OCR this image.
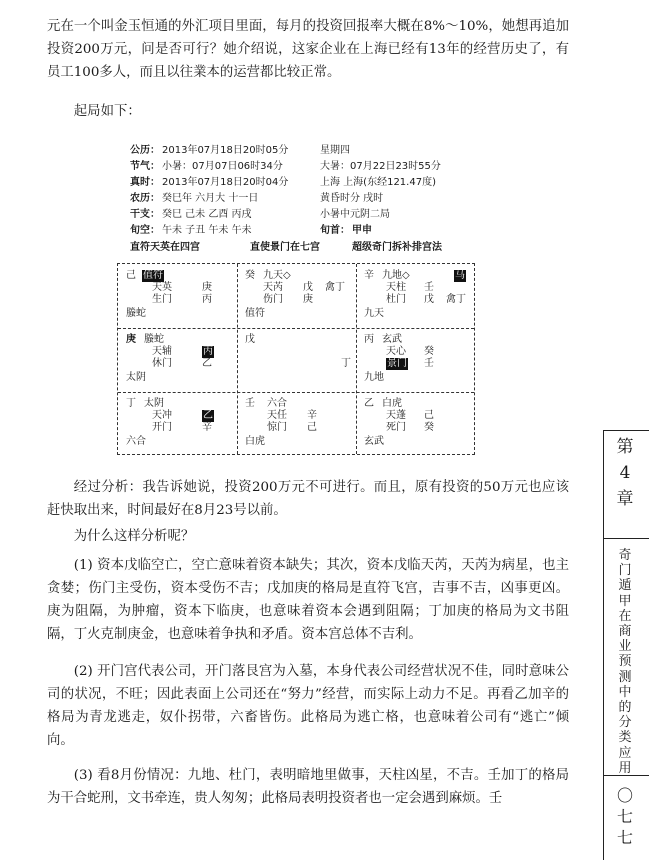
元在一个叫金玉恒通的外汇项目里面，每月的投资回报率大概在8%～10%，她想再追加投资200万元，问是否可行？她介绍说，这家企业在上海已经有13年的经营历史了，有员工100多人，而且以往業本的运营都比较正常。
起局如下：
公历： 2013年07月18日20时05分	星期四
节气： 小暑：07月07日06时34分	大暑：07月22日23时55分
真时： 2013年07月18日20时04分	上海 上海(东经121.47度)
农历： 癸巳年 六月大 十一日	黄昏时分 戌时
干支： 癸巳 己未 乙酉 丙戌	小暑中元阴二局
旬空： 午未 子丑 午未 午未	旬首： 甲申
直符天英在四宫	直使景门在七宫	超级奇门拆补排宫法
己 值符
天英	庚
生门	丙
螣蛇
癸 九天◇
天芮 戊 禽丁
伤门 庚
值符
辛 九地◇	马
天柱 壬
杜门 戊 禽丁
九天
庚 螣蛇
天辅	丙
休门	乙
太阴
戊
丁
丙 玄武
天心 癸
景门 壬
九地
丁 太阴
天冲	乙
开门	辛
六合
壬 六合
天任 辛
惊门 己
白虎
乙 白虎
天蓬 己
死门 癸
玄武
经过分析：我告诉她说，投资200万元不可进行。而且，原有投资的50万元也应该赶快取出来，时间最好在8月23号以前。
为什么这样分析呢？
(1) 资本戊临空亡，空亡意味着资本缺失；其次，资本戊临天芮，天芮为病星，也主贪婪；伤门主受伤，资本受伤不吉；戊加庚的格局是直符飞宫，吉事不吉，凶事更凶。庚为阻隔，为肿瘤，资本下临庚，也意味着资本会遇到阻隔；丁加庚的格局为文书阻隔，丁火克制庚金，也意味着争执和矛盾。资本宫总体不吉利。
(2) 开门宫代表公司，开门落艮宫为入墓，本身代表公司经营状况不佳，同时意味公司的状况，不旺；因此表面上公司还在“努力”经营，而实际上动力不足。再看乙加辛的格局为青龙逃走，奴仆拐带，六畜皆伤。此格局为逃亡格，也意味着公司有“逃亡”倾向。
(3) 看8月份情况：九地、杜门，表明暗地里做事，天柱凶星，不吉。壬加丁的格局为干合蛇刑，文书牵连，贵人匆匆；此格局表明投资者也一定会遇到麻烦。壬
第
4
章
奇门遁甲在商业预测中的分类应用
〇七七
